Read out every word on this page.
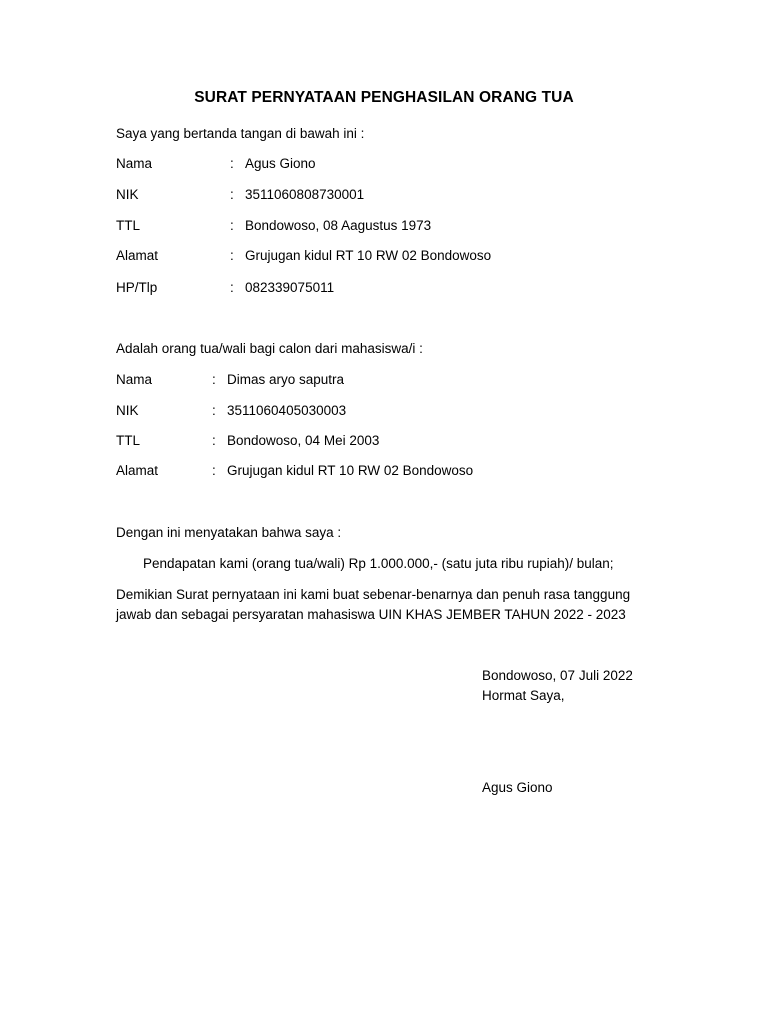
SURAT PERNYATAAN PENGHASILAN ORANG TUA
Saya yang bertanda tangan di bawah ini :
Nama	: Agus Giono
NIK	: 3511060808730001
TTL	: Bondowoso, 08 Aagustus 1973
Alamat	: Grujugan kidul RT 10 RW 02 Bondowoso
HP/Tlp	: 082339075011
Adalah orang tua/wali bagi calon dari mahasiswa/i :
Nama	: Dimas aryo saputra
NIK	: 3511060405030003
TTL	: Bondowoso, 04 Mei 2003
Alamat	: Grujugan kidul RT 10 RW 02 Bondowoso
Dengan ini menyatakan bahwa saya :
Pendapatan kami (orang tua/wali) Rp 1.000.000,- (satu juta ribu rupiah)/ bulan;
Demikian Surat pernyataan ini kami buat sebenar-benarnya dan penuh rasa tanggung jawab dan sebagai persyaratan mahasiswa UIN KHAS JEMBER TAHUN 2022 - 2023
Bondowoso, 07 Juli 2022
Hormat Saya,
Agus Giono
